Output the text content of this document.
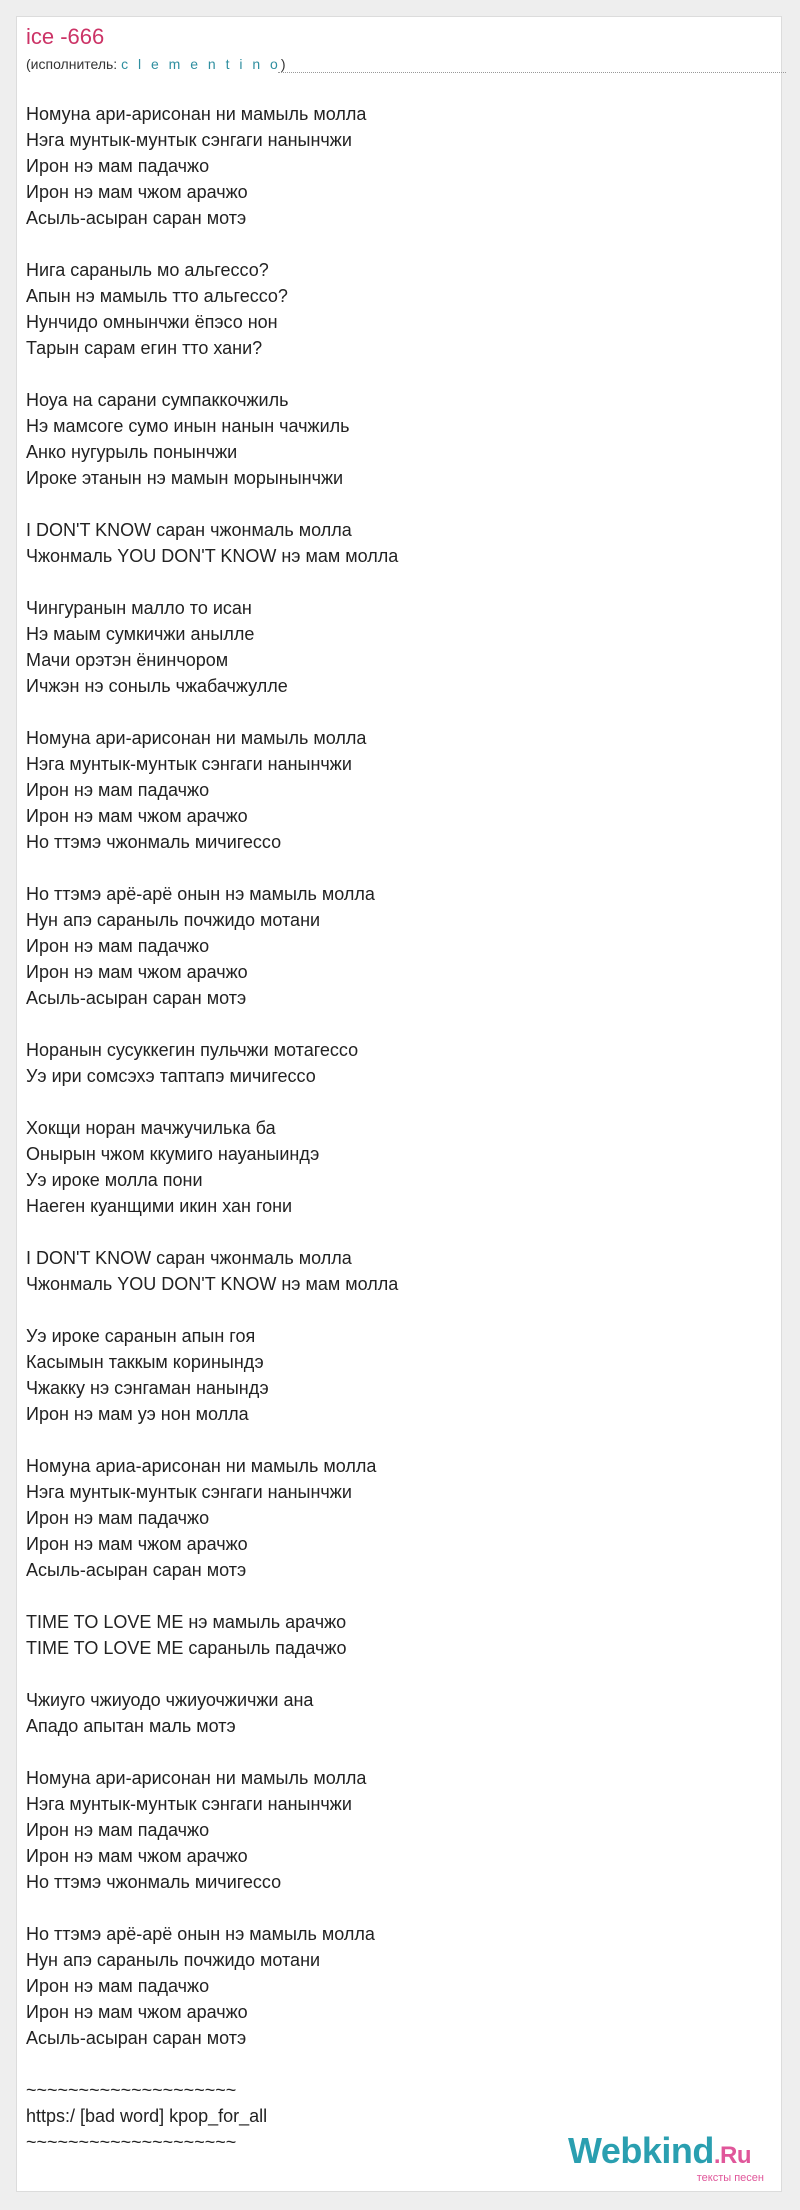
ice -666
(исполнитель: c l e m e n t i n o)
Номуна ари-арисонан ни мамыль молла
Нэга мунтык-мунтык сэнгаги нанынчжи
Ирон нэ мам падачжо
Ирон нэ мам чжом арачжо
Асыль-асыран саран мотэ
Нига сараныль мо альгессо?
Апын нэ мамыль тто альгессо?
Нунчидо омнынчжи ёпэсо нон
Тарын сарам егин тто хани?
Ноуа на сарани сумпаккочжиль
Нэ мамсоге сумо инын нанын чачжиль
Анко нугурыль понынчжи
Ироке этанын нэ мамын морынынчжи
I DON'T KNOW саран чжонмаль молла
Чжонмаль YOU DON'T KNOW нэ мам молла
Чингуранын малло то исан
Нэ маым сумкичжи анылле
Мачи орэтэн ёнинчором
Ичжэн нэ соныль чжабачжулле
Номуна ари-арисонан ни мамыль молла
Нэга мунтык-мунтык сэнгаги нанынчжи
Ирон нэ мам падачжо
Ирон нэ мам чжом арачжо
Но ттэмэ чжонмаль мичигессо
Но ттэмэ арё-арё онын нэ мамыль молла
Нун апэ сараныль почжидо мотани
Ирон нэ мам падачжо
Ирон нэ мам чжом арачжо
Асыль-асыран саран мотэ
Норанын сусуккегин пульчжи мотагессо
Уэ ири сомсэхэ таптапэ мичигессо
Хокщи норан мачжучилька ба
Онырын чжом ккумиго науаныиндэ
Уэ ироке молла пони
Наеген куанщими икин хан гони
I DON'T KNOW саран чжонмаль молла
Чжонмаль YOU DON'T KNOW нэ мам молла
Уэ ироке саранын апын гоя
Касымын таккым коринындэ
Чжакку нэ сэнгаман нанындэ
Ирон нэ мам уэ нон молла
Номуна ариа-арисонан ни мамыль молла
Нэга мунтык-мунтык сэнгаги нанынчжи
Ирон нэ мам падачжо
Ирон нэ мам чжом арачжо
Асыль-асыран саран мотэ
TIME TO LOVE ME нэ мамыль арачжо
TIME TO LOVE ME сараныль падачжо
Чжиуго чжиуодо чжиуочжичжи ана
Ападо апытан маль мотэ
Номуна ари-арисонан ни мамыль молла
Нэга мунтык-мунтык сэнгаги нанынчжи
Ирон нэ мам падачжо
Ирон нэ мам чжом арачжо
Но ттэмэ чжонмаль мичигессо
Но ттэмэ арё-арё онын нэ мамыль молла
Нун апэ сараныль почжидо мотани
Ирон нэ мам падачжо
Ирон нэ мам чжом арачжо
Асыль-асыран саран мотэ
~~~~~~~~~~~~~~~~~~~~
https:/ [bad word] kpop_for_all
~~~~~~~~~~~~~~~~~~~~	Webkind.Ru
тексты песен
